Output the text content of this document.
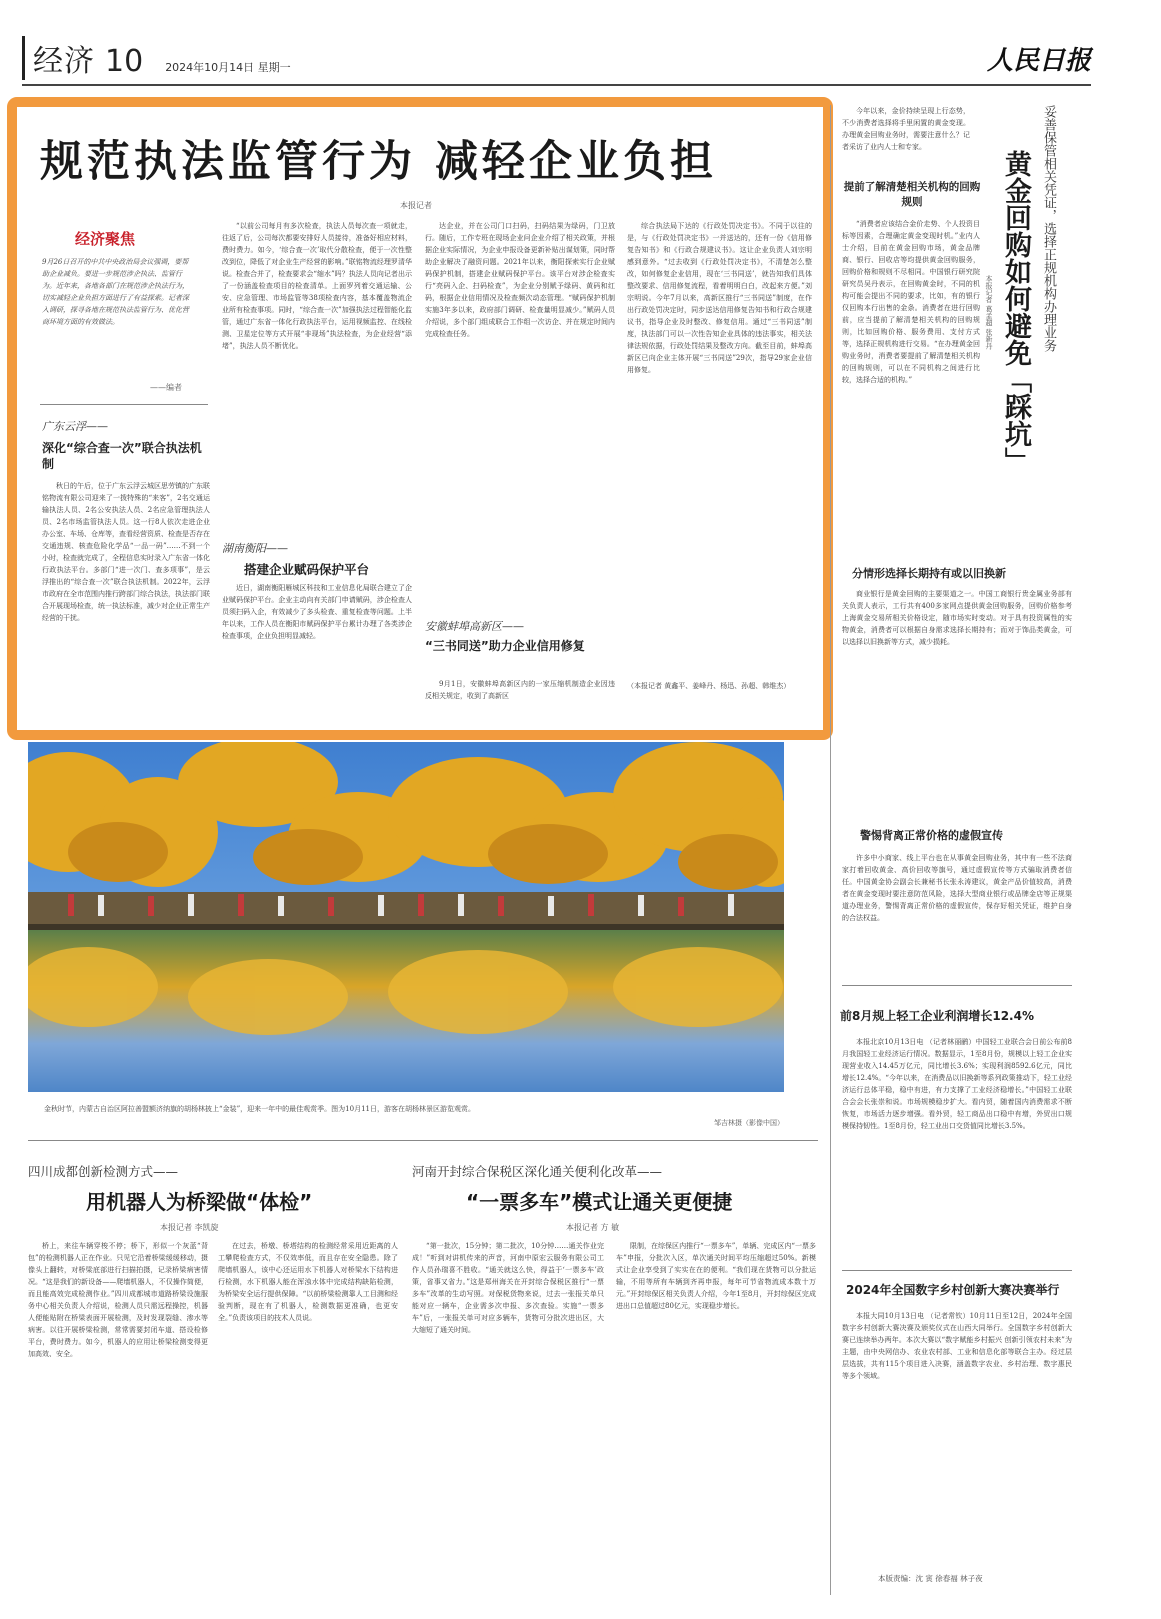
经济 10 2024年10月14日 星期一	人民日报
规范执法监管行为 减轻企业负担
本报记者
经济聚焦
9月26日召开的中共中央政治局会议强调，要帮助企业减负。要进一步规范涉企执法、监管行为。近年来，各地各部门在规范涉企执法行为，切实减轻企业负担方面进行了有益探索。记者深入调研，探寻各地在规范执法监管行为、优化营商环境方面的有效做法。
——编者
广东云浮——
深化“综合查一次”联合执法机制

秋日的午后，位于广东云浮云城区思劳镇的广东联铭物流有限公司迎来了一拨特殊的“来客”，2名交通运输执法人员、2名公安执法人员、2名应急管理执法人员、2名市场监管执法人员。这一行8人依次走进企业办公室、车场、仓库等，查看经营资质、检查是否存在交通违规、核查危险化学品“一品一码”……不到一个小时，检查就完成了，全程信息实时录入广东省一体化行政执法平台。多部门“进一次门、查多项事”，是云浮推出的“综合查一次”联合执法机制。2022年，云浮市政府在全市范围内推行跨部门综合执法，执法部门联合开展现场检查，统一执法标准，减少对企业正常生产经营的干扰。

“以前公司每月有多次检查，执法人员每次查一项就走，往返了后，公司每次都要安排好人员接待，准备好相应材料，费时费力。如今，‘综合查一次’取代分散检查，便于一次性整改到位，降低了对企业生产经营的影响。”联铭物流经理罗清华说。检查合并了，检查要求会“缩水”吗？执法人员向记者出示了一份涵盖检查项目的检查清单。上面罗列着交通运输、公安、应急管理、市场监管等38项检查内容，基本覆盖物流企业所有检查事项。同时，“综合查一次”加强执法过程智能化监管，通过广东省一体化行政执法平台，运用视频监控、在线检测、卫星定位等方式开展“非现场”执法检查，为企业经营“添堵”，执法人员不断优化。

湖南衡阳——
搭建企业赋码保护平台

近日，湖南衡阳雁城区科技和工业信息化局联合建立了企业赋码保护平台。企业主动向有关部门申请赋码，涉企检查人员须扫码入企，有效减少了多头检查、重复检查等问题。上半年以来，工作人员在衡阳市赋码保护平台累计办理了各类涉企检查事项，企业负担明显减轻。

达企业，并在公司门口扫码，扫码结果为绿码，门卫放行。随后，工作专班在现场企业问企业介绍了相关政策，并根据企业实际情况，为企业申报设备更新补贴出谋划策，同时帮助企业解决了融资问题。2021年以来，衡阳探索实行企业赋码保护机制，搭建企业赋码保护平台。该平台对涉企检查实行“亮码入企、扫码检查”，为企业分别赋予绿码、黄码和红码，根据企业信用情况及检查频次动态管理。“赋码保护机制实施3年多以来，政府部门调研、检查量明显减少。”赋码人员介绍说，多个部门组成联合工作组一次访企、并在规定时间内完成检查任务。

安徽蚌埠高新区——
“三书同送”助力企业信用修复

9月1日，安徽蚌埠高新区内的一家压缩机制造企业因违反相关规定，收到了高新区

综合执法局下达的《行政处罚决定书》。不同于以往的是，与《行政处罚决定书》一并送达的，还有一份《信用修复告知书》和《行政合规建议书》。这让企业负责人刘宗明感到意外。“过去收到《行政处罚决定书》，不清楚怎么整改，如何修复企业信用，现在‘三书同送’，就告知我们具体整改要求、信用修复流程，看着明明白白，改起来方便。”刘宗明说。今年7月以来，高新区推行“三书同送”制度，在作出行政处罚决定时，同步送达信用修复告知书和行政合规建议书，指导企业及时整改、修复信用。通过“三书同送”制度，执法部门可以一次性告知企业具体的违法事实，相关法律法规依据，行政处罚结果及整改方向。截至目前，蚌埠高新区已向企业主体开展“三书同送”29次，指导29家企业信用修复。

（本报记者 黄鑫平、姜峰丹、杨迅、孙超、韩维杰）

今年以来，金价持续呈现上行态势，不少消费者选择将手里闲置的黄金变现。办理黄金回购业务时，需要注意什么？记者采访了业内人士和专家。	妥善保管相关凭证，选择正规机构办理业务
黄金回购如何避免「踩坑」
本报记者 葛孟超 张新丹
提前了解清楚相关机构的回购规则

“消费者应该结合金价走势、个人投资目标等因素，合理确定黄金变现时机。”业内人士介绍，目前在黄金回购市场，黄金品牌商、银行、回收店等均提供黄金回购服务，回购价格和规则不尽相同。中国银行研究院研究员吴丹表示，在回购黄金时，不同的机构可能会提出不同的要求，比如，有的银行仅回购本行出售的金条。消费者在进行回购前，应当提前了解清楚相关机构的回购规则，比如回购价格、服务费用、支付方式等，选择正规机构进行交易。“在办理黄金回购业务时，消费者要提前了解清楚相关机构的回购规则，可以在不同机构之间进行比较，选择合适的机构。”

分情形选择长期持有或以旧换新

商业银行是黄金回购的主要渠道之一。中国工商银行贵金属业务部有关负责人表示，工行共有400多家网点提供黄金回购服务，回购价格参考上海黄金交易所相关价格设定，随市场实时变动。对于具有投资属性的实物黄金，消费者可以根据自身需求选择长期持有；而对于饰品类黄金，可以选择以旧换新等方式，减少损耗。

警惕背离正常价格的虚假宣传

许多中小商家、线上平台也在从事黄金回购业务，其中有一些不法商家打着回收黄金、高价回收等旗号，通过虚假宣传等方式骗取消费者信任。中国黄金协会副会长兼秘书长张永涛建议，黄金产品价值较高，消费者在黄金变现时要注意防范风险，选择大型商业银行或品牌金店等正规渠道办理业务，警惕背离正常价格的虚假宣传，保存好相关凭证，维护自身的合法权益。

前8月规上轻工企业利润增长12.4%

本报北京10月13日电 （记者林丽鹂）中国轻工业联合会日前公布前8月我国轻工业经济运行情况。数据显示，1至8月份，规模以上轻工企业实现营业收入14.45万亿元，同比增长3.6%；实现利润8592.6亿元，同比增长12.4%。“今年以来，在消费品以旧换新等系列政策推动下，轻工业经济运行总体平稳，稳中有进，有力支撑了工业经济稳增长。”中国轻工业联合会会长张崇和说。市场规模稳步扩大。看内贸，随着国内消费需求不断恢复，市场活力逐步增强。看外贸，轻工商品出口稳中有增，外贸出口规模保持韧性。1至8月份，轻工业出口交货值同比增长3.5%。

2024年全国数字乡村创新大赛决赛举行

本报大同10月13日电 （记者常钦）10月11日至12日，2024年全国数字乡村创新大赛决赛及颁奖仪式在山西大同举行。全国数字乡村创新大赛已连续举办两年。本次大赛以“数字赋能乡村振兴 创新引领农村未来”为主题，由中央网信办、农业农村部、工业和信息化部等联合主办。经过层层选拔，共有115个项目进入决赛，涵盖数字农业、乡村治理、数字惠民等多个领域。

本版责编：沈 寅 徐春福 林子夜
金秋时节，内蒙古自治区阿拉善盟额济纳旗的胡杨林披上“金装”，迎来一年中的最佳观赏季。图为10月11日，游客在胡杨林景区游览观赏。
邹吉林摄（影像中国）
四川成都创新检测方式——
用机器人为桥梁做“体检”
本报记者 李凯旋

桥上，来往车辆穿梭不停；桥下，形似一个灰蓝“背包”的检测机器人正在作业。只见它沿着桥梁缓缓移动，摄像头上翻转，对桥梁底部进行扫描拍摄，记录桥梁病害情况。“这是我们的新设备——爬墙机器人，不仅操作简便，而且能高效完成检测作业。”四川成都城市道路桥梁设施服务中心相关负责人介绍说，检测人员只需远程操控，机器人便能贴附在桥梁表面开展检测，及时发现裂缝、渗水等病害。以往开展桥梁检测，常常需要封闭车道、搭设检修平台，费时费力。如今，机器人的应用让桥梁检测变得更加高效、安全。

在过去，桥墩、桥塔结构的检测经常采用近距离的人工攀爬检查方式，不仅效率低，而且存在安全隐患。除了爬墙机器人，该中心还运用水下机器人对桥梁水下结构进行检测，水下机器人能在浑浊水体中完成结构缺陷检测，为桥梁安全运行提供保障。“以前桥梁检测靠人工目测和经验判断，现在有了机器人，检测数据更准确，也更安全。”负责该项目的技术人员说。

河南开封综合保税区深化通关便利化改革——
“一票多车”模式让通关更便捷
本报记者 方 敏

“第一批次，15分钟；第二批次，10分钟……通关作业完成！”听到对讲机传来的声音，河南中原宏云服务有限公司工作人员孙瑞喜不胜收。“通关就这么快，得益于‘一票多车’政策，省事又省力。”这是郑州海关在开封综合保税区推行“一票多车”改革的生动写照。对保税货物来说，过去一张报关单只能对应一辆车，企业需多次申报、多次查验。实施“一票多车”后，一张报关单可对应多辆车，货物可分批次进出区，大大缩短了通关时间。

限制，在综保区内推行“一票多车”，单辆、完成区内“一票多车”申报，分批次入区，单次通关时间平均压缩超过50%。新模式让企业享受到了实实在在的便利。“我们现在货物可以分批运输，不用等所有车辆到齐再申报，每年可节省物流成本数十万元。”开封综保区相关负责人介绍，今年1至8月，开封综保区完成进出口总值超过80亿元，实现稳步增长。
